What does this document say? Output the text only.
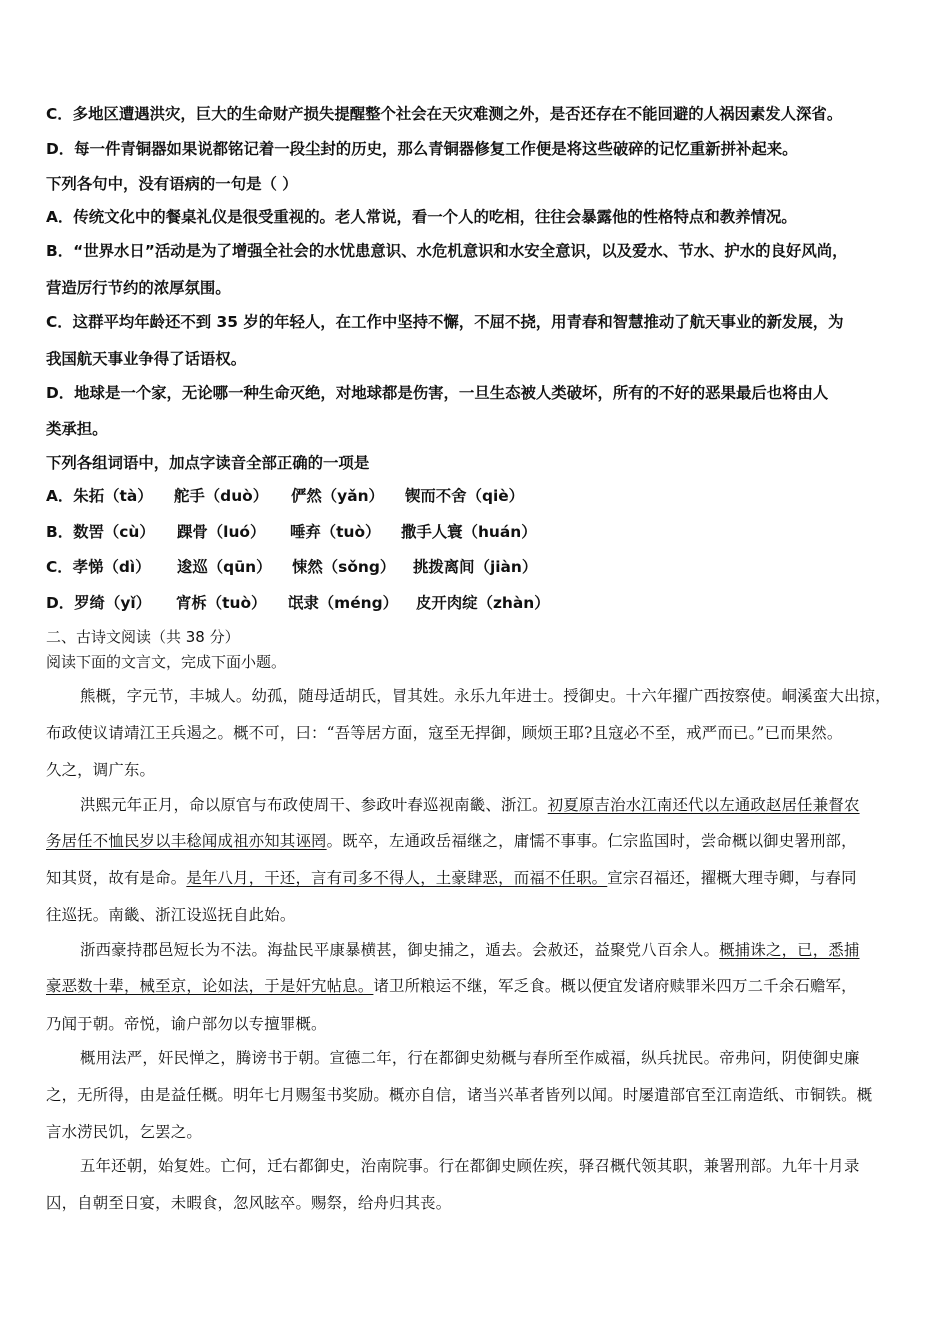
C．多地区遭遇洪灾，巨大的生命财产损失提醒整个社会在天灾难测之外，是否还存在不能回避的人祸因素发人深省。
D．每一件青铜器如果说都铭记着一段尘封的历史，那么青铜器修复工作便是将这些破碎的记忆重新拼补起来。
下列各句中，没有语病的一句是（ ）
A．传统文化中的餐桌礼仪是很受重视的。老人常说，看一个人的吃相，往往会暴露他的性格特点和教养情况。
B．“世界水日”活动是为了增强全社会的水忧患意识、水危机意识和水安全意识，以及爱水、节水、护水的良好风尚，
营造厉行节约的浓厚氛围。
C．这群平均年龄还不到 35 岁的年轻人，在工作中坚持不懈，不屈不挠，用青春和智慧推动了航天事业的新发展，为
我国航天事业争得了话语权。
D．地球是一个家，无论哪一种生命灭绝，对地球都是伤害，一旦生态被人类破坏，所有的不好的恶果最后也将由人
类承担。
下列各组词语中，加点字读音全部正确的一项是
A．朱拓（tà） 舵手（duò） 俨然（yǎn） 锲而不舍（qiè）
B．数罟（cù） 踝骨（luó） 唾弃（tuò） 撒手人寰（huán）
C．孝悌（dì） 逡巡（qūn） 悚然（sǒng） 挑拨离间（jiàn）
D．罗绮（yǐ） 宵柝（tuò） 氓隶（méng） 皮开肉绽（zhàn）
二、古诗文阅读（共 38 分）
阅读下面的文言文，完成下面小题。
熊概，字元节，丰城人。幼孤，随母适胡氏，冒其姓。永乐九年进士。授御史。十六年擢广西按察使。峒溪蛮大出掠，
布政使议请靖江王兵遏之。概不可，曰：“吾等居方面，寇至无捍御，顾烦王耶?且寇必不至，戒严而已。”已而果然。
久之，调广东。
洪熙元年正月，命以原官与布政使周干、参政叶春巡视南畿、浙江。初夏原吉治水江南还代以左通政赵居任兼督农
务居任不恤民岁以丰稔闻成祖亦知其诬罔。既卒，左通政岳福继之，庸懦不事事。仁宗监国时，尝命概以御史署刑部，
知其贤，故有是命。是年八月，干还，言有司多不得人，土豪肆恶，而福不任职。宣宗召福还，擢概大理寺卿，与春同
往巡抚。南畿、浙江设巡抚自此始。
浙西豪持郡邑短长为不法。海盐民平康暴横甚，御史捕之，遁去。会赦还，益聚党八百余人。概捕诛之，已，悉捕
豪恶数十辈，械至京，论如法，于是奸宄帖息。诸卫所粮运不继，军乏食。概以便宜发诸府赎罪米四万二千余石赡军，
乃闻于朝。帝悦，谕户部勿以专擅罪概。
概用法严，奸民惮之，腾谤书于朝。宣德二年，行在都御史劾概与春所至作威福，纵兵扰民。帝弗问，阴使御史廉
之，无所得，由是益任概。明年七月赐玺书奖励。概亦自信，诸当兴革者皆列以闻。时屡遣部官至江南造纸、市铜铁。概
言水涝民饥，乞罢之。
五年还朝，始复姓。亡何，迁右都御史，治南院事。行在都御史顾佐疾，驿召概代领其职，兼署刑部。九年十月录
囚，自朝至日宴，未暇食，忽风眩卒。赐祭，给舟归其丧。
